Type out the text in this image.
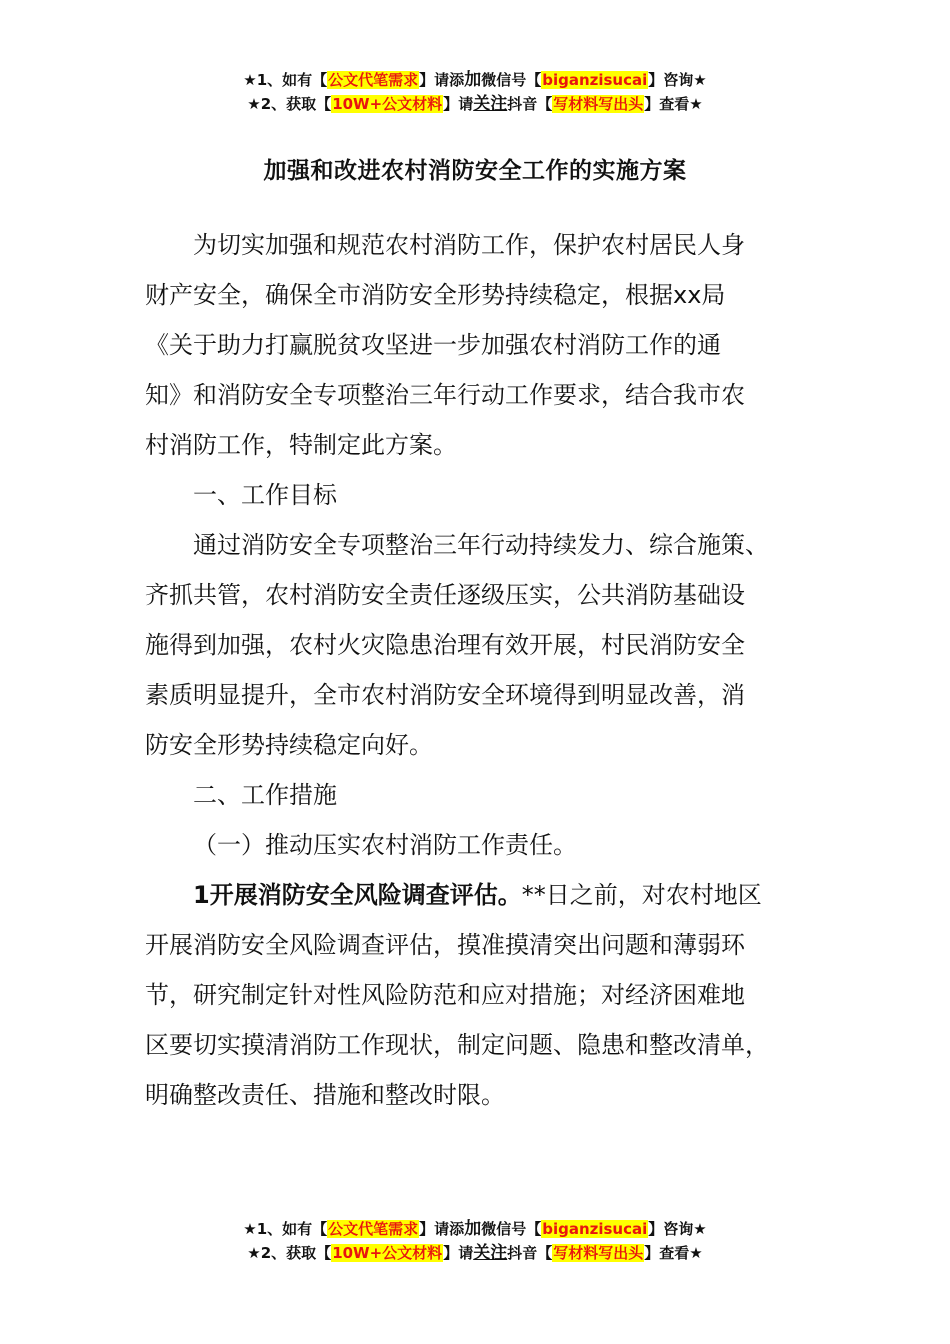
★1、如有【公文代笔需求】请添加微信号【biganzisucai】咨询★
★2、获取【10W+公文材料】请关注抖音【写材料写出头】查看★
加强和改进农村消防安全工作的实施方案

为切实加强和规范农村消防工作，保护农村居民人身
财产安全，确保全市消防安全形势持续稳定，根据xx局
《关于助力打赢脱贫攻坚进一步加强农村消防工作的通
知》和消防安全专项整治三年行动工作要求，结合我市农
村消防工作，特制定此方案。

一、工作目标

通过消防安全专项整治三年行动持续发力、综合施策、
齐抓共管，农村消防安全责任逐级压实，公共消防基础设
施得到加强，农村火灾隐患治理有效开展，村民消防安全
素质明显提升，全市农村消防安全环境得到明显改善，消
防安全形势持续稳定向好。

二、工作措施

（一）推动压实农村消防工作责任。

1开展消防安全风险调查评估。**日之前，对农村地区
开展消防安全风险调查评估，摸准摸清突出问题和薄弱环
节，研究制定针对性风险防范和应对措施；对经济困难地
区要切实摸清消防工作现状，制定问题、隐患和整改清单，
明确整改责任、措施和整改时限。

★1、如有【公文代笔需求】请添加微信号【biganzisucai】咨询★
★2、获取【10W+公文材料】请关注抖音【写材料写出头】查看★
